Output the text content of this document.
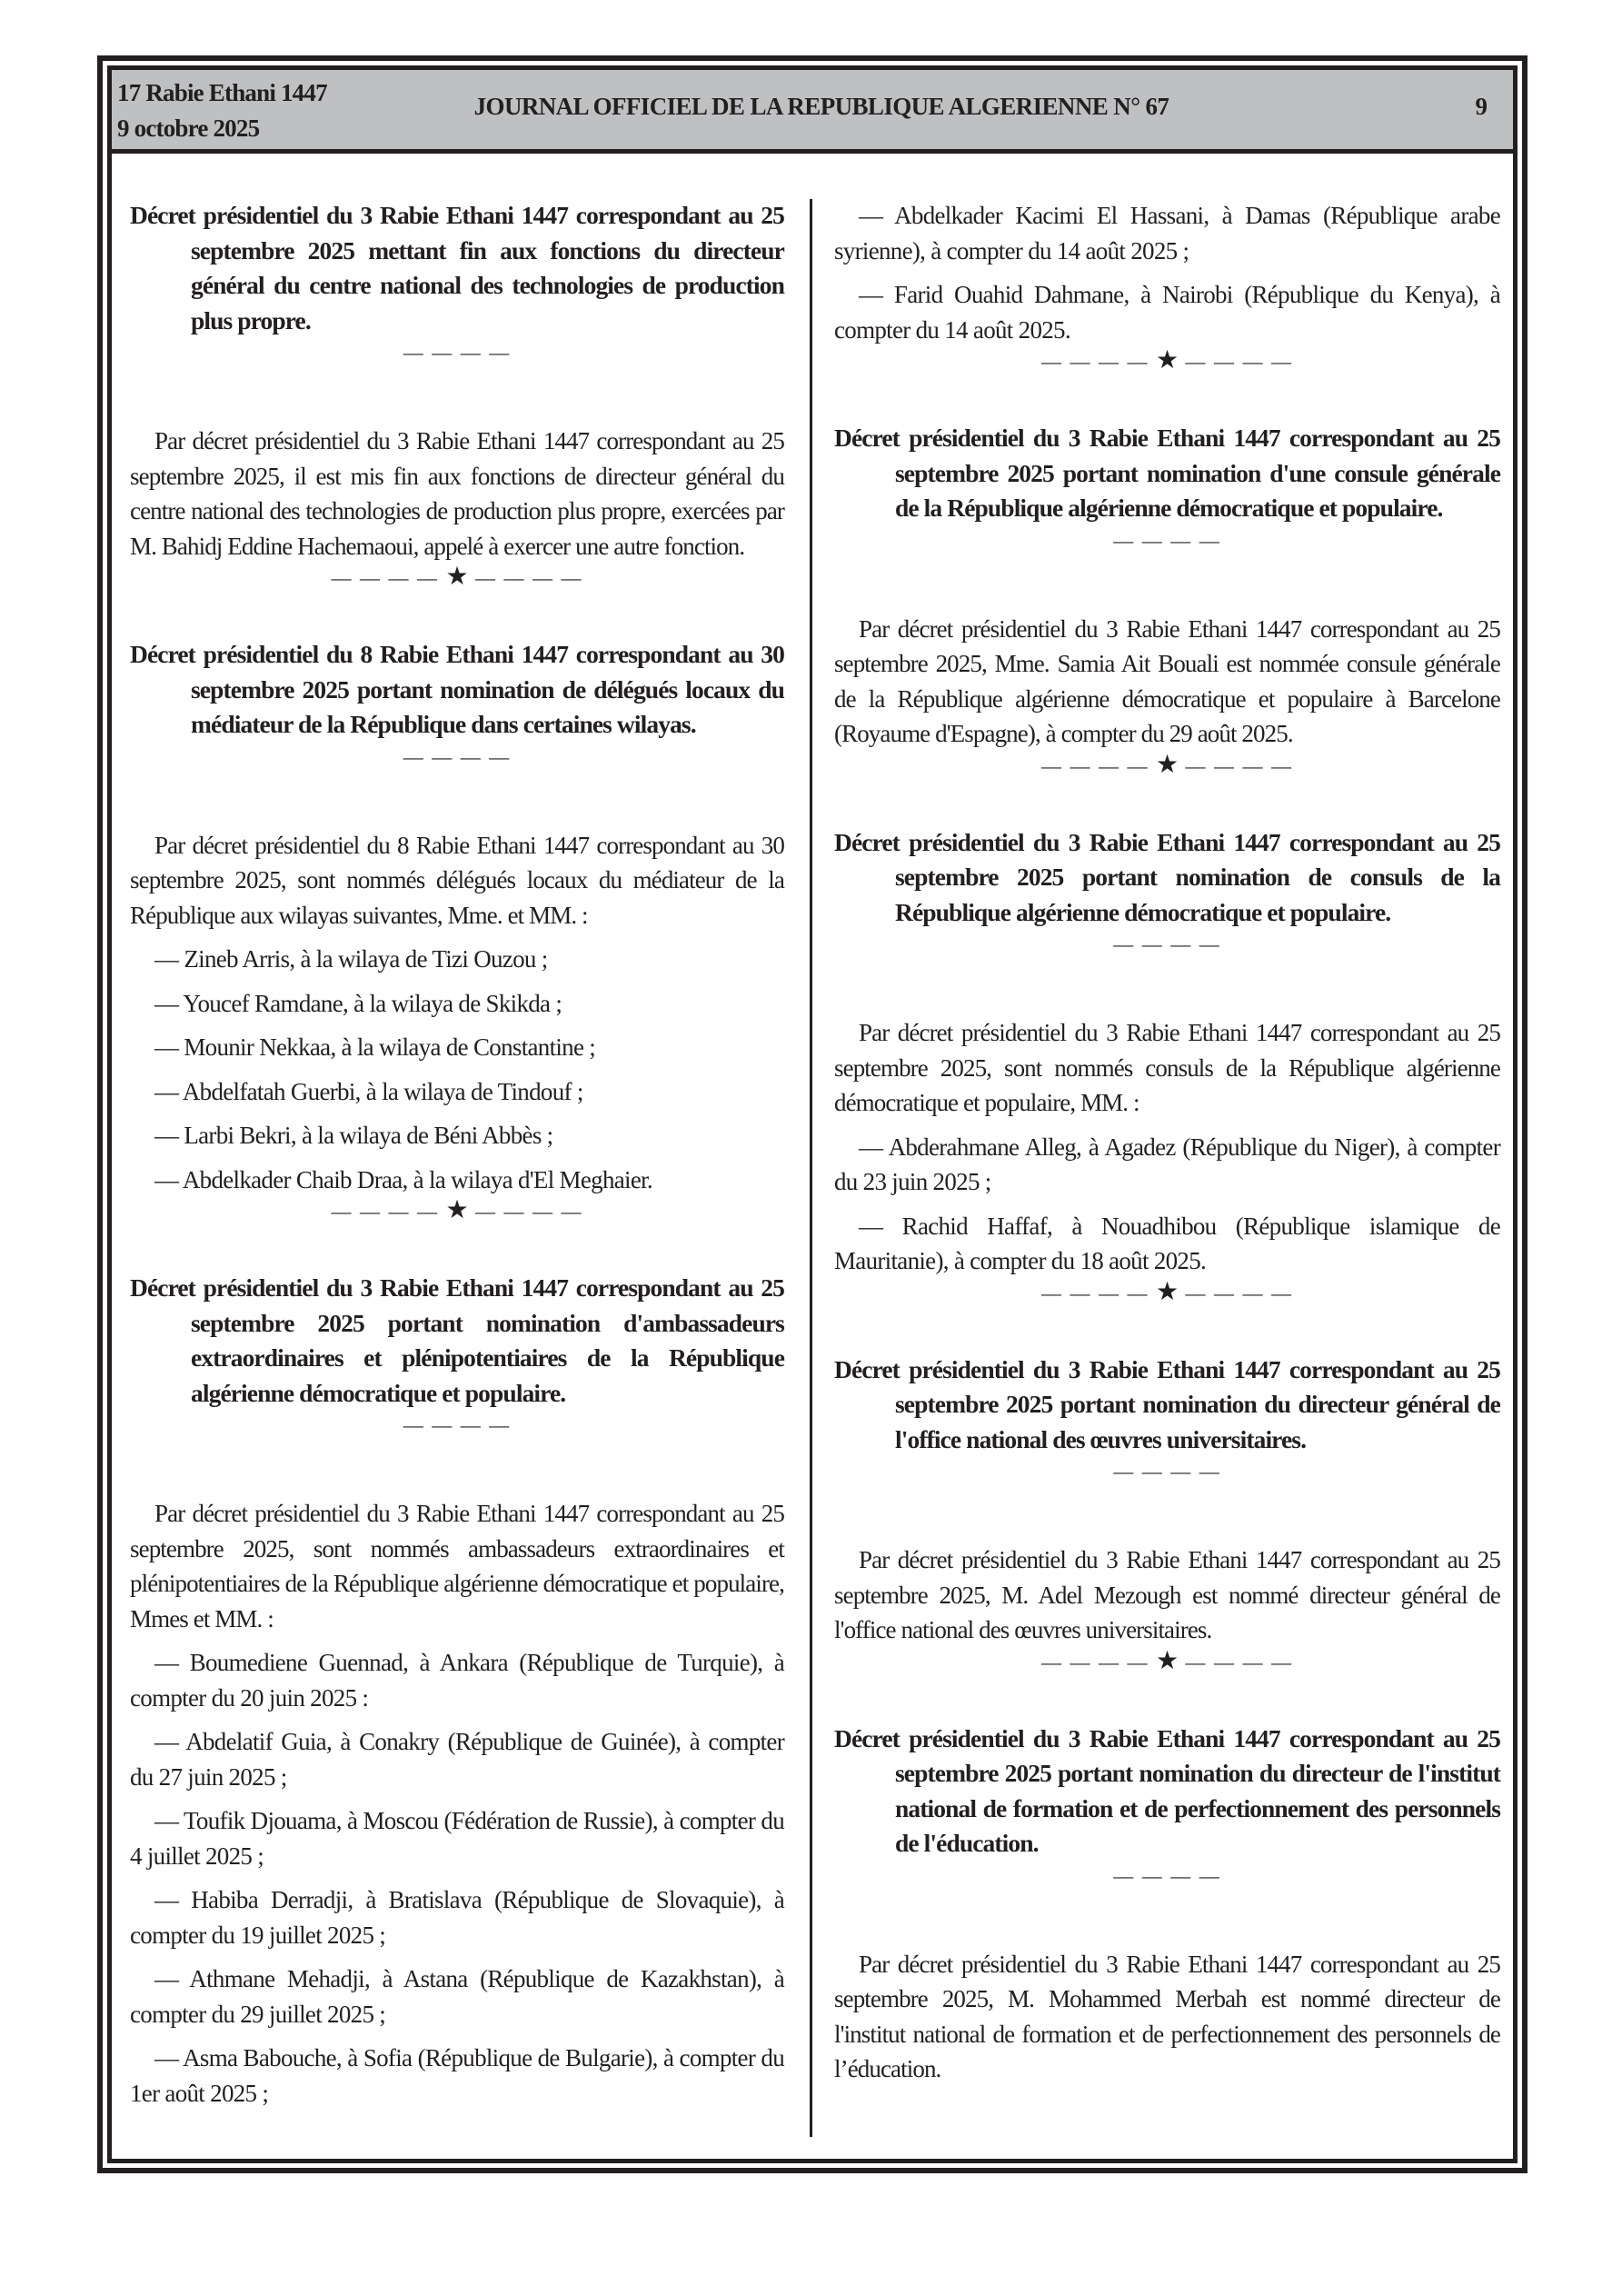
17 Rabie Ethani 1447
9 octobre 2025
JOURNAL OFFICIEL DE LA REPUBLIQUE ALGERIENNE N° 67	9

Décret présidentiel du 3 Rabie Ethani 1447 correspondant au 25 septembre 2025 mettant fin aux fonctions du directeur général du centre national des technologies de production plus propre.

— — — —

Par décret présidentiel du 3 Rabie Ethani 1447 correspondant au 25 septembre 2025, il est mis fin aux fonctions de directeur général du centre national des technologies de production plus propre, exercées par M. Bahidj Eddine Hachemaoui, appelé à exercer une autre fonction.

— — — — ★ — — — —

Décret présidentiel du 8 Rabie Ethani 1447 correspondant au 30 septembre 2025 portant nomination de délégués locaux du médiateur de la République dans certaines wilayas.

— — — —

Par décret présidentiel du 8 Rabie Ethani 1447 correspondant au 30 septembre 2025, sont nommés délégués locaux du médiateur de la République aux wilayas suivantes, Mme. et MM. :

— Zineb Arris, à la wilaya de Tizi Ouzou ;

— Youcef Ramdane, à la wilaya de Skikda ;

— Mounir Nekkaa, à la wilaya de Constantine ;

— Abdelfatah Guerbi, à la wilaya de Tindouf ;

— Larbi Bekri, à la wilaya de Béni Abbès ;

— Abdelkader Chaib Draa, à la wilaya d'El Meghaier.

— — — — ★ — — — —

Décret présidentiel du 3 Rabie Ethani 1447 correspondant au 25 septembre 2025 portant nomination d'ambassadeurs extraordinaires et plénipotentiaires de la République algérienne démocratique et populaire.

— — — —

Par décret présidentiel du 3 Rabie Ethani 1447 correspondant au 25 septembre 2025, sont nommés ambassadeurs extraordinaires et plénipotentiaires de la République algérienne démocratique et populaire, Mmes et MM. :

— Boumediene Guennad, à Ankara (République de Turquie), à compter du 20 juin 2025 :

— Abdelatif Guia, à Conakry (République de Guinée), à compter du 27 juin 2025 ;

— Toufik Djouama, à Moscou (Fédération de Russie), à compter du 4 juillet 2025 ;

— Habiba Derradji, à Bratislava (République de Slovaquie), à compter du 19 juillet 2025 ;

— Athmane Mehadji, à Astana (République de Kazakhstan), à compter du 29 juillet 2025 ;

— Asma Babouche, à Sofia (République de Bulgarie), à compter du 1er août 2025 ;

— Abdelkader Kacimi El Hassani, à Damas (République arabe syrienne), à compter du 14 août 2025 ;

— Farid Ouahid Dahmane, à Nairobi (République du Kenya), à compter du 14 août 2025.

— — — — ★ — — — —

Décret présidentiel du 3 Rabie Ethani 1447 correspondant au 25 septembre 2025 portant nomination d'une consule générale de la République algérienne démocratique et populaire.

— — — —

Par décret présidentiel du 3 Rabie Ethani 1447 correspondant au 25 septembre 2025, Mme. Samia Ait Bouali est nommée consule générale de la République algérienne démocratique et populaire à Barcelone (Royaume d'Espagne), à compter du 29 août 2025.

— — — — ★ — — — —

Décret présidentiel du 3 Rabie Ethani 1447 correspondant au 25 septembre 2025 portant nomination de consuls de la République algérienne démocratique et populaire.

— — — —

Par décret présidentiel du 3 Rabie Ethani 1447 correspondant au 25 septembre 2025, sont nommés consuls de la République algérienne démocratique et populaire, MM. :

— Abderahmane Alleg, à Agadez (République du Niger), à compter du 23 juin 2025 ;

— Rachid Haffaf, à Nouadhibou (République islamique de Mauritanie), à compter du 18 août 2025.

— — — — ★ — — — —

Décret présidentiel du 3 Rabie Ethani 1447 correspondant au 25 septembre 2025 portant nomination du directeur général de l'office national des œuvres universitaires.

— — — —

Par décret présidentiel du 3 Rabie Ethani 1447 correspondant au 25 septembre 2025, M. Adel Mezough est nommé directeur général de l'office national des œuvres universitaires.

— — — — ★ — — — —

Décret présidentiel du 3 Rabie Ethani 1447 correspondant au 25 septembre 2025 portant nomination du directeur de l'institut national de formation et de perfectionnement des personnels de l'éducation.

— — — —

Par décret présidentiel du 3 Rabie Ethani 1447 correspondant au 25 septembre 2025, M. Mohammed Merbah est nommé directeur de l'institut national de formation et de perfectionnement des personnels de l’éducation.
